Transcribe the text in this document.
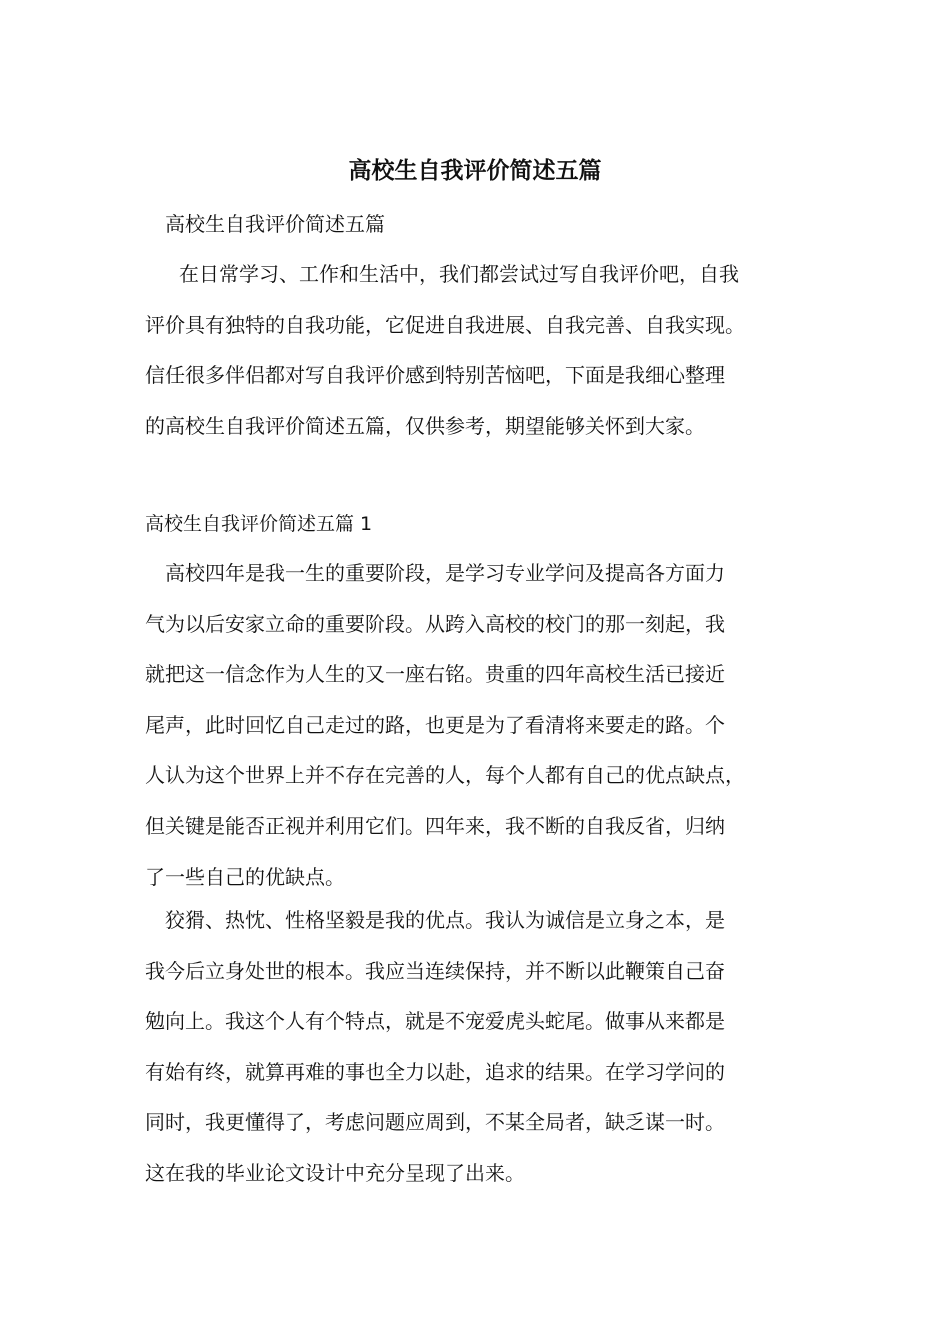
高校生自我评价简述五篇
高校生自我评价简述五篇
在日常学习、工作和生活中，我们都尝试过写自我评价吧，自我
评价具有独特的自我功能，它促进自我进展、自我完善、自我实现。
信任很多伴侣都对写自我评价感到特别苦恼吧，下面是我细心整理
的高校生自我评价简述五篇，仅供参考，期望能够关怀到大家。
高校生自我评价简述五篇 1
高校四年是我一生的重要阶段，是学习专业学问及提高各方面力
气为以后安家立命的重要阶段。从跨入高校的校门的那一刻起，我
就把这一信念作为人生的又一座右铭。贵重的四年高校生活已接近
尾声，此时回忆自己走过的路，也更是为了看清将来要走的路。个
人认为这个世界上并不存在完善的人，每个人都有自己的优点缺点，
但关键是能否正视并利用它们。四年来，我不断的自我反省，归纳
了一些自己的优缺点。
狡猾、热忱、性格坚毅是我的优点。我认为诚信是立身之本，是
我今后立身处世的根本。我应当连续保持，并不断以此鞭策自己奋
勉向上。我这个人有个特点，就是不宠爱虎头蛇尾。做事从来都是
有始有终，就算再难的事也全力以赴，追求的结果。在学习学问的
同时，我更懂得了，考虑问题应周到，不某全局者，缺乏谋一时。
这在我的毕业论文设计中充分呈现了出来。
